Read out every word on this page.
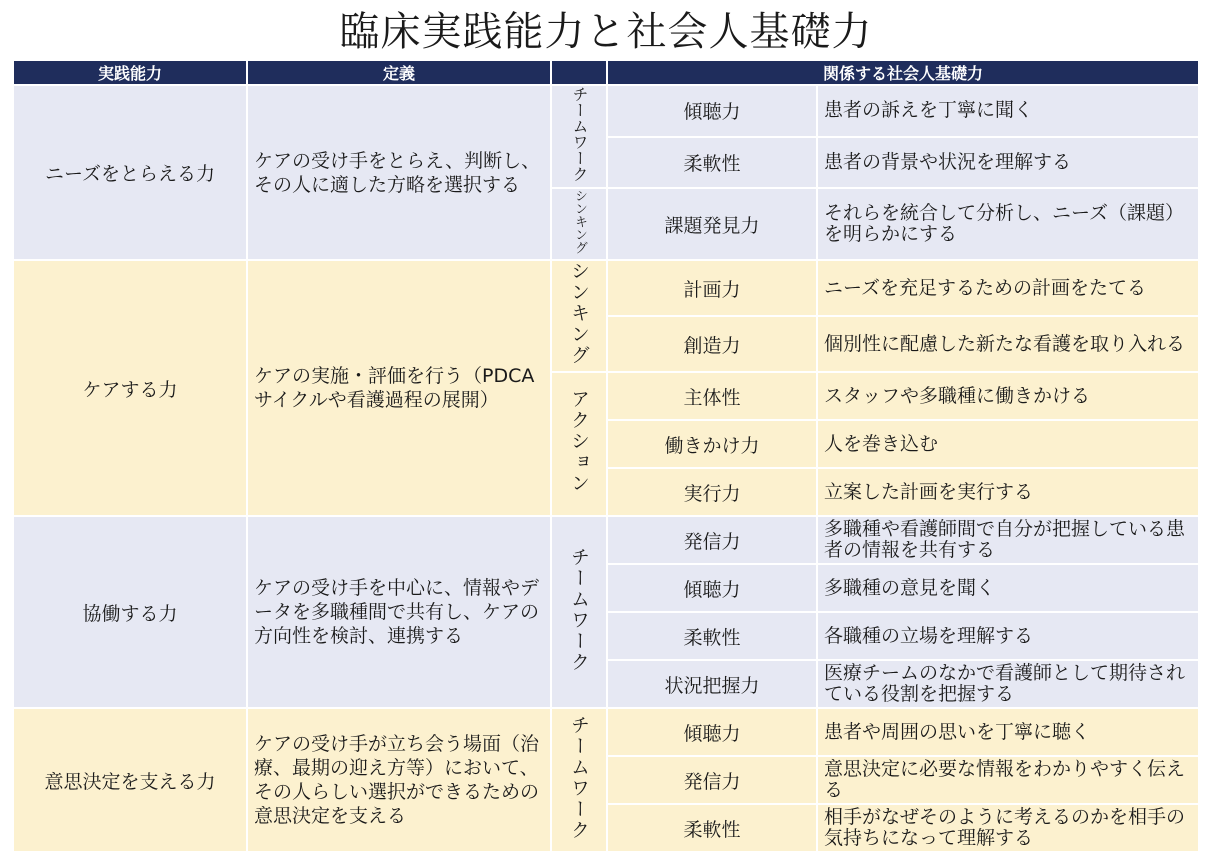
臨床実践能力と社会人基礎力
実践能力	定義		関係する社会人基礎力	
ニーズをとらえる力	ケアの受け手をとらえ、判断し、その人に適した方略を選択する	チームワーク	傾聴力	患者の訴えを丁寧に聞く
			柔軟性	患者の背景や状況を理解する
		シンキング	課題発見力	それらを統合して分析し、ニーズ（課題）を明らかにする
ケアする力	ケアの実施・評価を行う（PDCAサイクルや看護過程の展開）	シンキング	計画力	ニーズを充足するための計画をたてる
			創造力	個別性に配慮した新たな看護を取り入れる
		アクション	主体性	スタッフや多職種に働きかける
			働きかけ力	人を巻き込む
			実行力	立案した計画を実行する
協働する力	ケアの受け手を中心に、情報やデータを多職種間で共有し、ケアの方向性を検討、連携する	チームワーク	発信力	多職種や看護師間で自分が把握している患者の情報を共有する
			傾聴力	多職種の意見を聞く
			柔軟性	各職種の立場を理解する
			状況把握力	医療チームのなかで看護師として期待されている役割を把握する
意思決定を支える力	ケアの受け手が立ち会う場面（治療、最期の迎え方等）において、その人らしい選択ができるための意思決定を支える	チームワーク	傾聴力	患者や周囲の思いを丁寧に聴く
			発信力	意思決定に必要な情報をわかりやすく伝える
			柔軟性	相手がなぜそのように考えるのかを相手の気持ちになって理解する
